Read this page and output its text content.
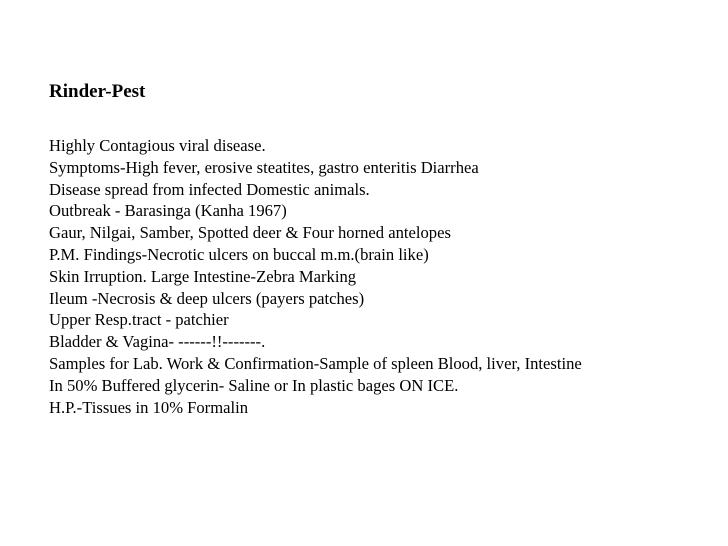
Rinder-Pest
Highly Contagious viral disease.
Symptoms-High fever, erosive steatites, gastro enteritis Diarrhea
Disease spread from infected Domestic animals.
Outbreak - Barasinga (Kanha 1967)
Gaur, Nilgai, Samber, Spotted deer & Four horned antelopes
P.M. Findings-Necrotic ulcers on buccal m.m.(brain like)
Skin Irruption. Large Intestine-Zebra Marking
Ileum -Necrosis & deep ulcers (payers patches)
Upper Resp.tract - patchier
Bladder & Vagina- ------!!-------.
Samples for Lab. Work & Confirmation-Sample of spleen Blood, liver, Intestine
In 50% Buffered glycerin- Saline or In plastic bages ON ICE.
H.P.-Tissues in 10% Formalin
